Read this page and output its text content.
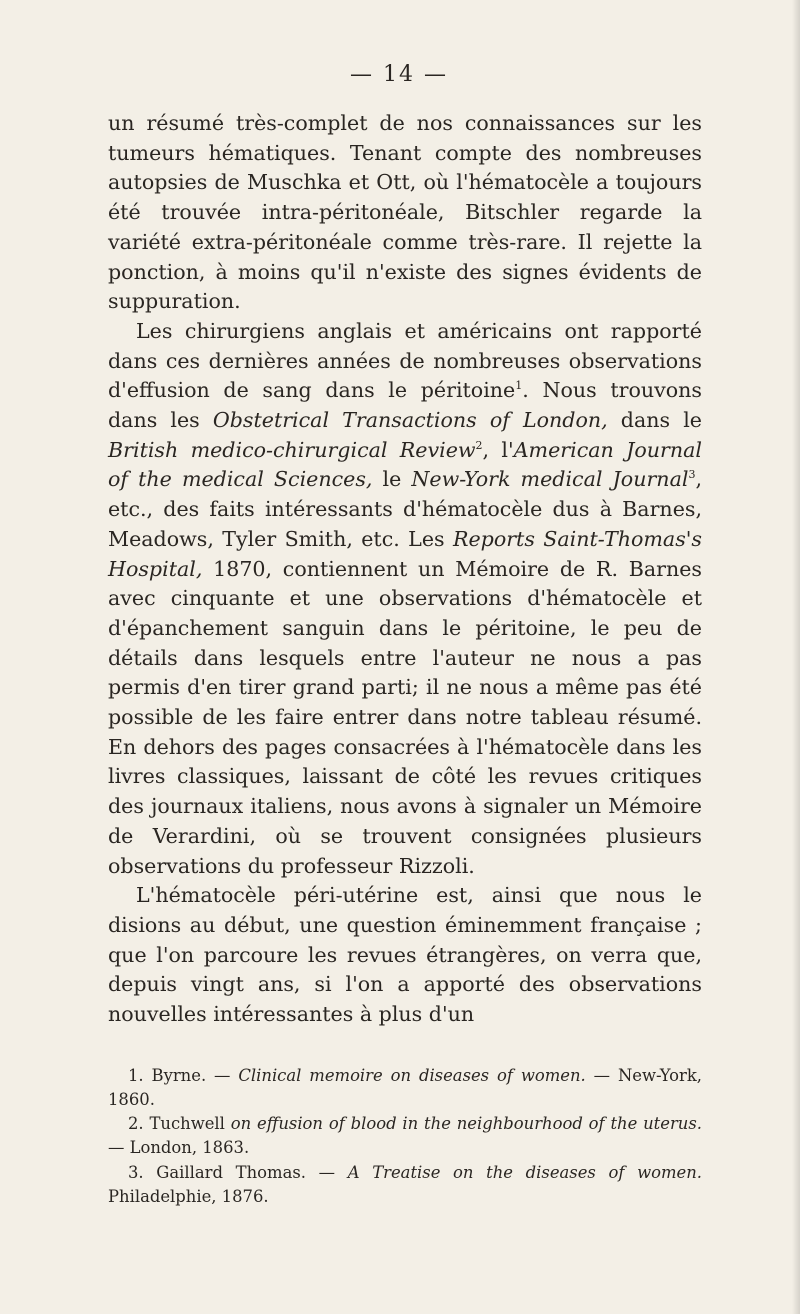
— 14 —

un résumé très-complet de nos connaissances sur les tumeurs hématiques. Tenant compte des nombreuses autopsies de Muschka et Ott, où l'hématocèle a toujours été trouvée intra-péritonéale, Bitschler regarde la variété extra-péritonéale comme très-rare. Il rejette la ponction, à moins qu'il n'existe des signes évidents de suppuration.

Les chirurgiens anglais et américains ont rapporté dans ces dernières années de nombreuses observations d'effusion de sang dans le péritoine$^1$. Nous trouvons dans les Obstetrical Transactions of London, dans le British medico-chirurgical Review$^2$, l'American Journal of the medical Sciences, le New-York medical Journal$^3$, etc., des faits intéressants d'hématocèle dus à Barnes, Meadows, Tyler Smith, etc. Les Reports Saint-Thomas's Hospital, 1870, contiennent un Mémoire de R. Barnes avec cinquante et une observations d'hématocèle et d'épanchement sanguin dans le péritoine, le peu de détails dans lesquels entre l'auteur ne nous a pas permis d'en tirer grand parti; il ne nous a même pas été possible de les faire entrer dans notre tableau résumé. En dehors des pages consacrées à l'hématocèle dans les livres classiques, laissant de côté les revues critiques des journaux italiens, nous avons à signaler un Mémoire de Verardini, où se trouvent consignées plusieurs observations du professeur Rizzoli.

L'hématocèle péri-utérine est, ainsi que nous le disions au début, une question éminemment française ; que l'on parcoure les revues étrangères, on verra que, depuis vingt ans, si l'on a apporté des observations nouvelles intéressantes à plus d'un

1. Byrne. — Clinical memoire on diseases of women. — New-York, 1860.

2. Tuchwell on effusion of blood in the neighbourhood of the uterus. — London, 1863.

3. Gaillard Thomas. — A Treatise on the diseases of women. Philadelphie, 1876.
